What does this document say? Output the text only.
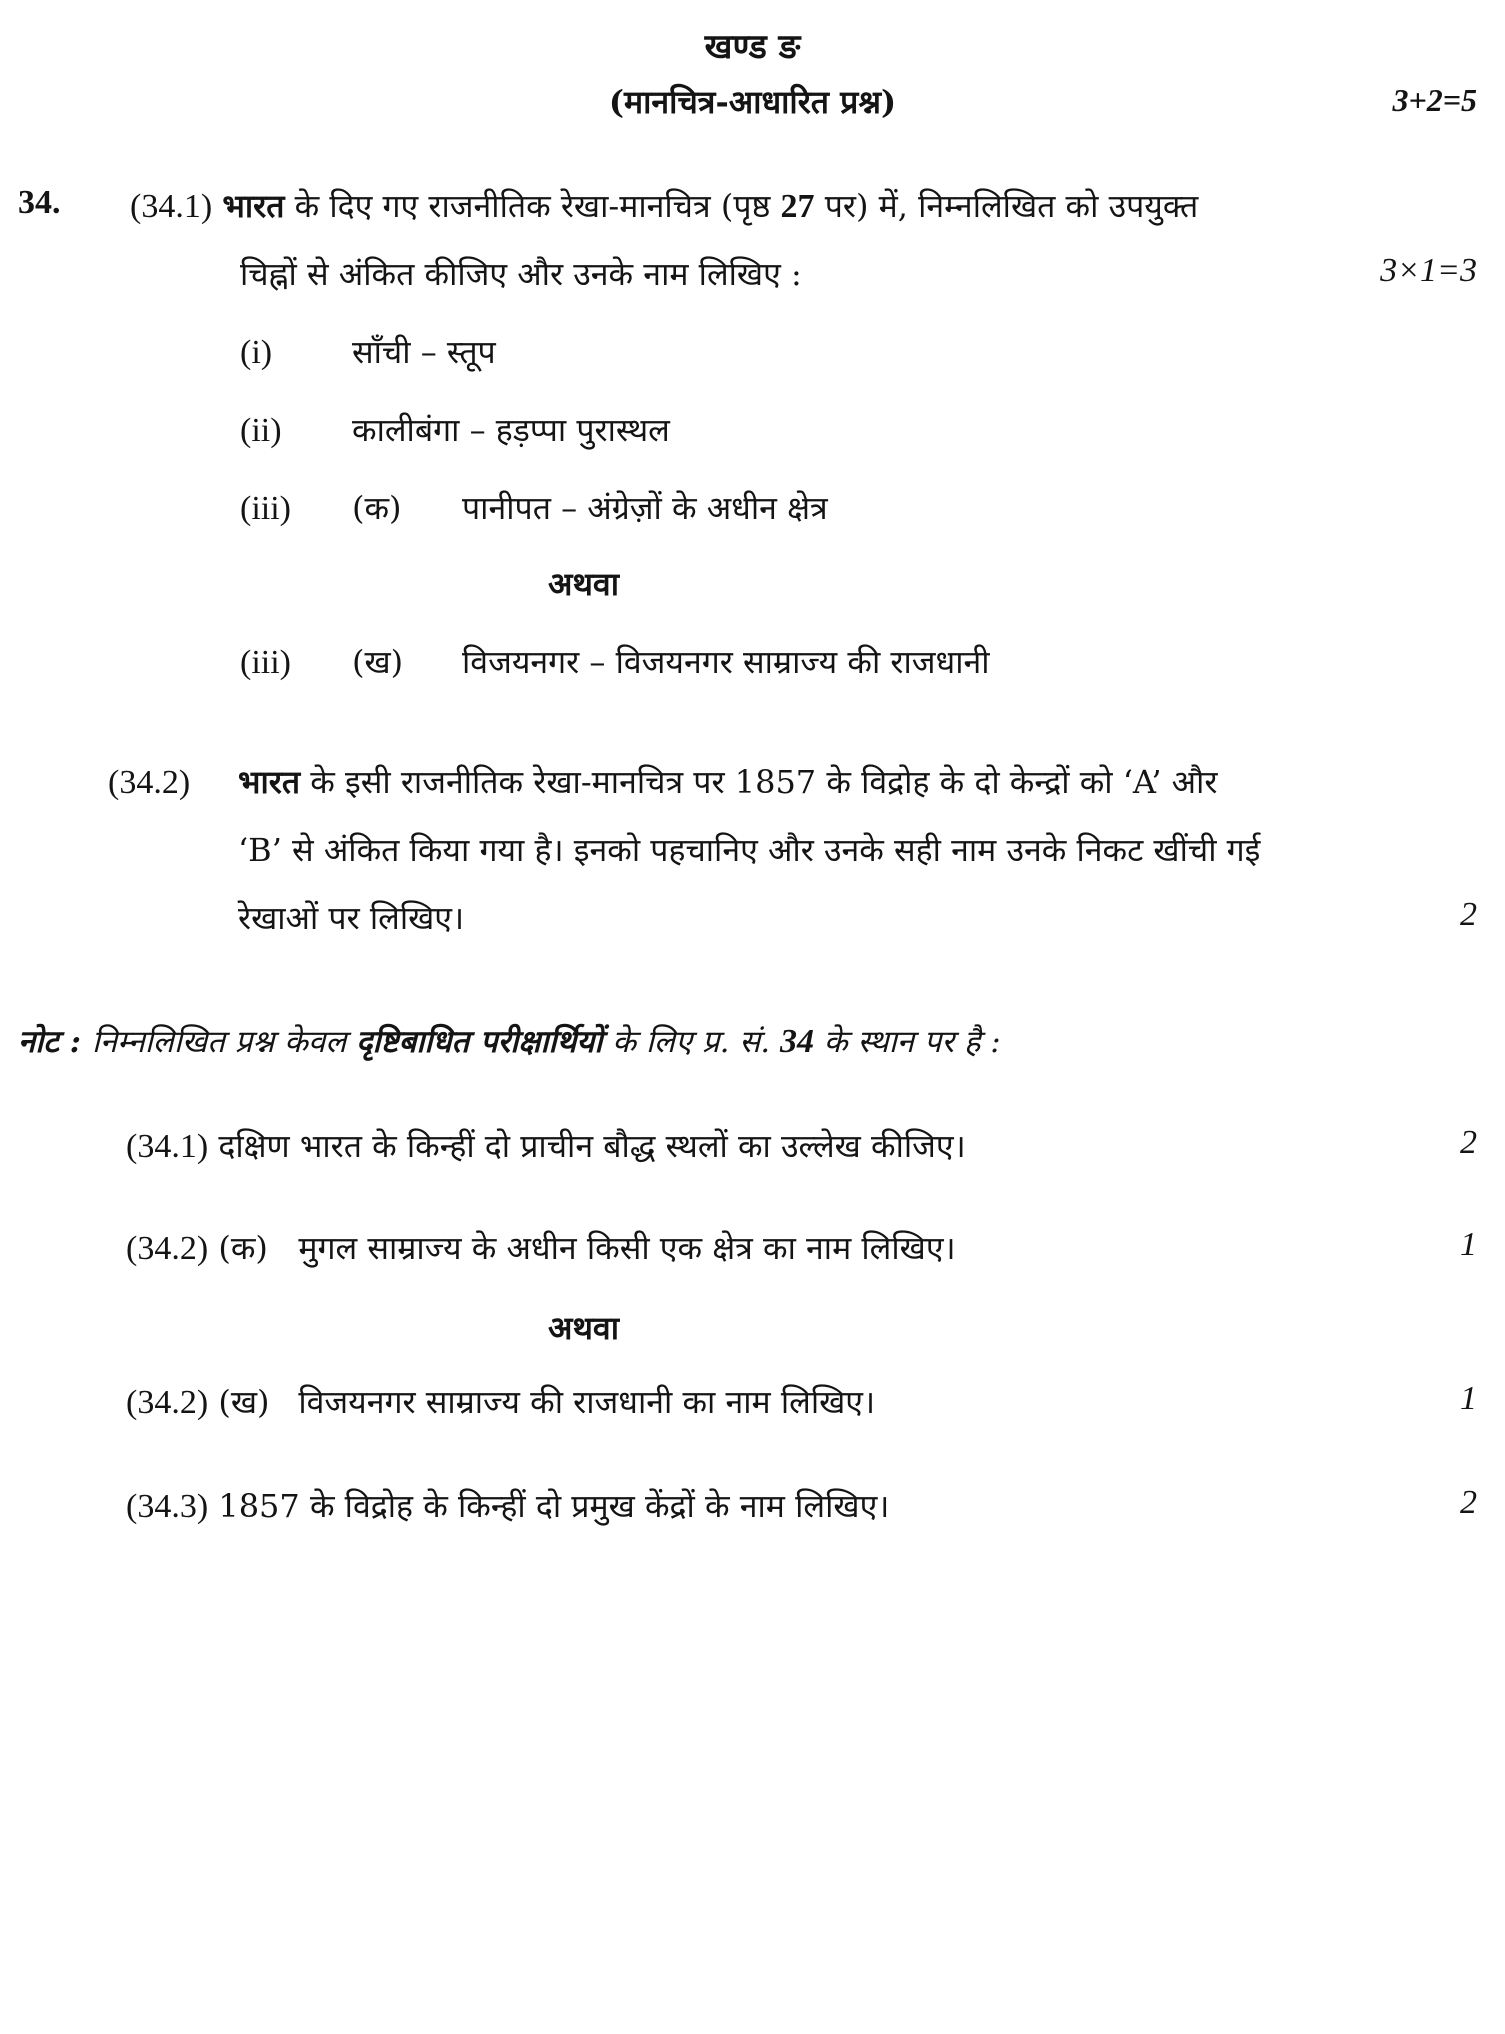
खण्ड ङ
(मानचित्र-आधारित प्रश्न)	3+2=5
34. (34.1) भारत के दिए गए राजनीतिक रेखा-मानचित्र (पृष्ठ 27 पर) में, निम्नलिखित को उपयुक्त
चिह्नों से अंकित कीजिए और उनके नाम लिखिए :	3×1=3
(i) साँची – स्तूप
(ii) कालीबंगा – हड़प्पा पुरास्थल
(iii) (क) पानीपत – अंग्रेज़ों के अधीन क्षेत्र
अथवा
(iii) (ख) विजयनगर – विजयनगर साम्राज्य की राजधानी
(34.2) भारत के इसी राजनीतिक रेखा-मानचित्र पर 1857 के विद्रोह के दो केन्द्रों को ‘A’ और
‘B’ से अंकित किया गया है। इनको पहचानिए और उनके सही नाम उनके निकट खींची गई
रेखाओं पर लिखिए।	2
नोट : निम्नलिखित प्रश्न केवल दृष्टिबाधित परीक्षार्थियों के लिए प्र. सं. 34 के स्थान पर है :
(34.1) दक्षिण भारत के किन्हीं दो प्राचीन बौद्ध स्थलों का उल्लेख कीजिए।	2
(34.2) (क) मुगल साम्राज्य के अधीन किसी एक क्षेत्र का नाम लिखिए।	1
अथवा
(34.2) (ख) विजयनगर साम्राज्य की राजधानी का नाम लिखिए।	1
(34.3) 1857 के विद्रोह के किन्हीं दो प्रमुख केंद्रों के नाम लिखिए।	2
